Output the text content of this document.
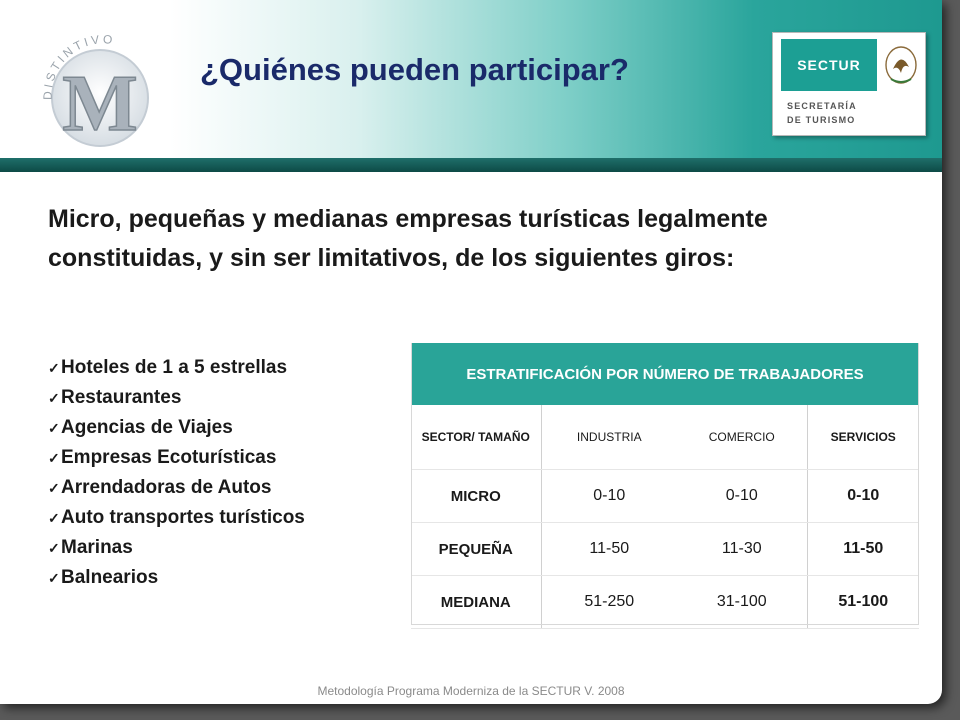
DISTINTIVO
M ¿Quiénes pueden participar?	SECTUR
SECRETARÍA
DE TURISMO

Micro, pequeñas y medianas empresas turísticas legalmente constituidas, y sin ser limitativos, de los siguientes giros:

✓Hoteles de 1 a 5 estrellas
✓Restaurantes
✓Agencias de Viajes
✓Empresas Ecoturísticas
✓Arrendadoras de Autos
✓Auto transportes turísticos
✓Marinas
✓Balnearios
ESTRATIFICACIÓN POR NÚMERO DE TRABAJADORES			
SECTOR/ TAMAÑO	INDUSTRIA	COMERCIO	SERVICIOS
MICRO	0-10	0-10	0-10
PEQUEÑA	11-50	11-30	11-50
MEDIANA	51-250	31-100	51-100
Metodología Programa Moderniza de la SECTUR V. 2008
